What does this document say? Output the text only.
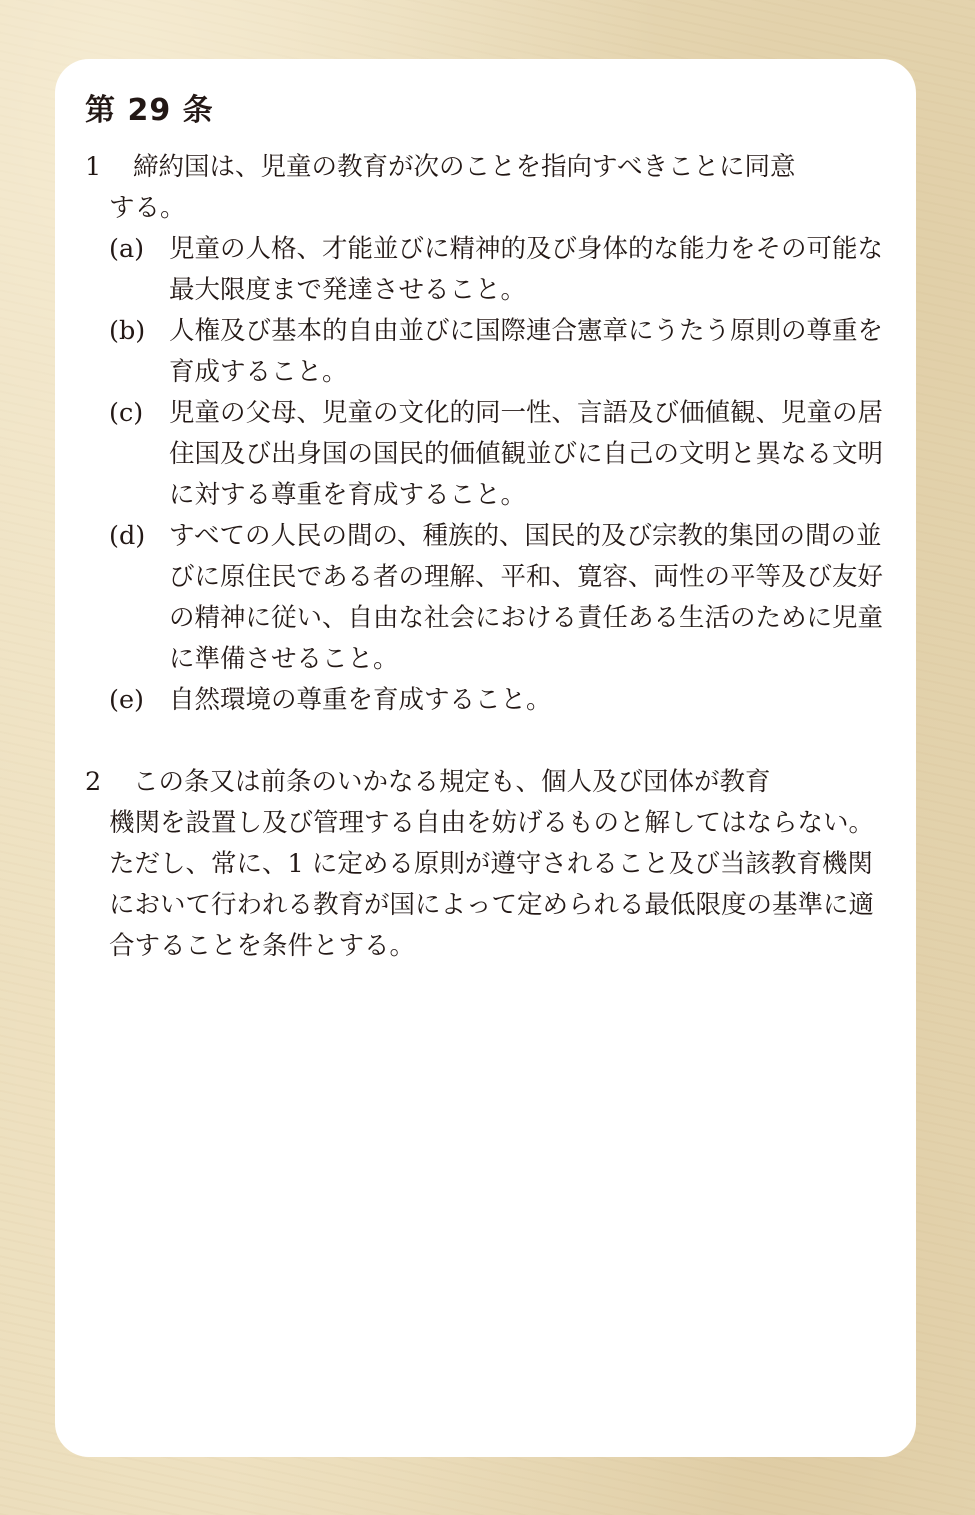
第 29 条
1	締約国は、児童の教育が次のことを指向すべきことに同意
する。
(a) 児童の人格、才能並びに精神的及び身体的な能力をその可能な最大限度まで発達させること。
(b) 人権及び基本的自由並びに国際連合憲章にうたう原則の尊重を育成すること。
(c)	児童の父母、児童の文化的同一性、言語及び価値観、児童の居住国及び出身国の国民的価値観並びに自己の文明と異なる文明に対する尊重を育成すること。
(d) すべての人民の間の、種族的、国民的及び宗教的集団の間の並びに原住民である者の理解、平和、寛容、両性の平等及び友好の精神に従い、自由な社会における責任ある生活のために児童に準備させること。
(e) 自然環境の尊重を育成すること。
2	この条又は前条のいかなる規定も、個人及び団体が教育
機関を設置し及び管理する自由を妨げるものと解してはならない。ただし、常に、1 に定める原則が遵守されること及び当該教育機関において行われる教育が国によって定められる最低限度の基準に適合することを条件とする。
